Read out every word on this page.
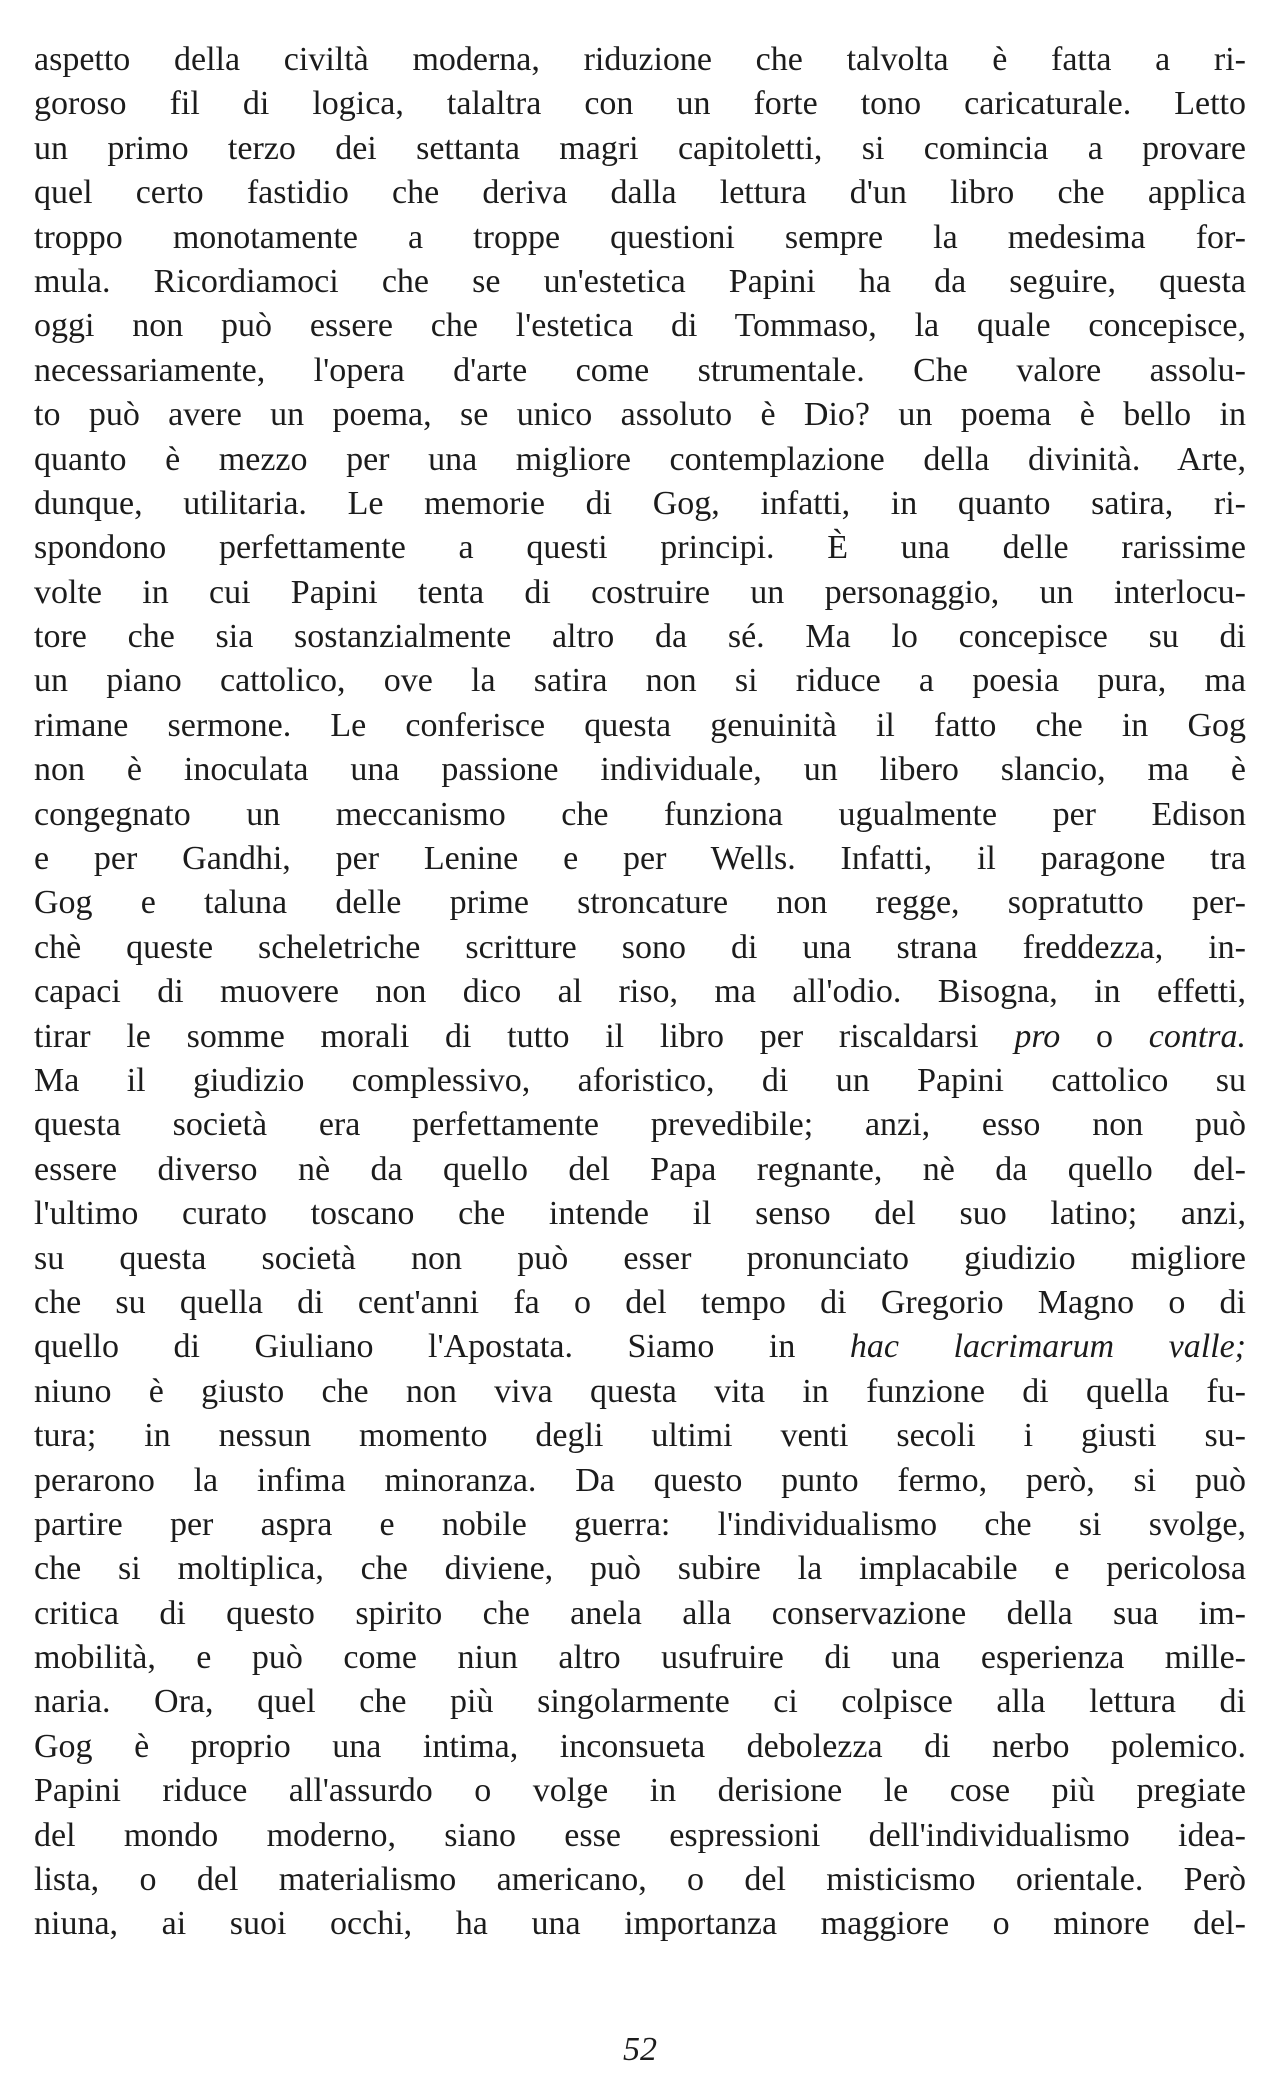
aspetto della civiltà moderna, riduzione che talvolta è fatta a ri-
goroso fil di logica, talaltra con un forte tono caricaturale. Letto
un primo terzo dei settanta magri capitoletti, si comincia a provare
quel certo fastidio che deriva dalla lettura d'un libro che applica
troppo monotamente a troppe questioni sempre la medesima for-
mula. Ricordiamoci che se un'estetica Papini ha da seguire, questa
oggi non può essere che l'estetica di Tommaso, la quale concepisce,
necessariamente, l'opera d'arte come strumentale. Che valore assolu-
to può avere un poema, se unico assoluto è Dio? un poema è bello in
quanto è mezzo per una migliore contemplazione della divinità. Arte,
dunque, utilitaria. Le memorie di Gog, infatti, in quanto satira, ri-
spondono perfettamente a questi principi. È una delle rarissime
volte in cui Papini tenta di costruire un personaggio, un interlocu-
tore che sia sostanzialmente altro da sé. Ma lo concepisce su di
un piano cattolico, ove la satira non si riduce a poesia pura, ma
rimane sermone. Le conferisce questa genuinità il fatto che in Gog
non è inoculata una passione individuale, un libero slancio, ma è
congegnato un meccanismo che funziona ugualmente per Edison
e per Gandhi, per Lenine e per Wells. Infatti, il paragone tra
Gog e taluna delle prime stroncature non regge, sopratutto per-
chè queste scheletriche scritture sono di una strana freddezza, in-
capaci di muovere non dico al riso, ma all'odio. Bisogna, in effetti,
tirar le somme morali di tutto il libro per riscaldarsi pro o contra.
Ma il giudizio complessivo, aforistico, di un Papini cattolico su
questa società era perfettamente prevedibile; anzi, esso non può
essere diverso nè da quello del Papa regnante, nè da quello del-
l'ultimo curato toscano che intende il senso del suo latino; anzi,
su questa società non può esser pronunciato giudizio migliore
che su quella di cent'anni fa o del tempo di Gregorio Magno o di
quello di Giuliano l'Apostata. Siamo in hac lacrimarum valle;
niuno è giusto che non viva questa vita in funzione di quella fu-
tura; in nessun momento degli ultimi venti secoli i giusti su-
perarono la infima minoranza. Da questo punto fermo, però, si può
partire per aspra e nobile guerra: l'individualismo che si svolge,
che si moltiplica, che diviene, può subire la implacabile e pericolosa
critica di questo spirito che anela alla conservazione della sua im-
mobilità, e può come niun altro usufruire di una esperienza mille-
naria. Ora, quel che più singolarmente ci colpisce alla lettura di
Gog è proprio una intima, inconsueta debolezza di nerbo polemico.
Papini riduce all'assurdo o volge in derisione le cose più pregiate
del mondo moderno, siano esse espressioni dell'individualismo idea-
lista, o del materialismo americano, o del misticismo orientale. Però
niuna, ai suoi occhi, ha una importanza maggiore o minore del-
52
